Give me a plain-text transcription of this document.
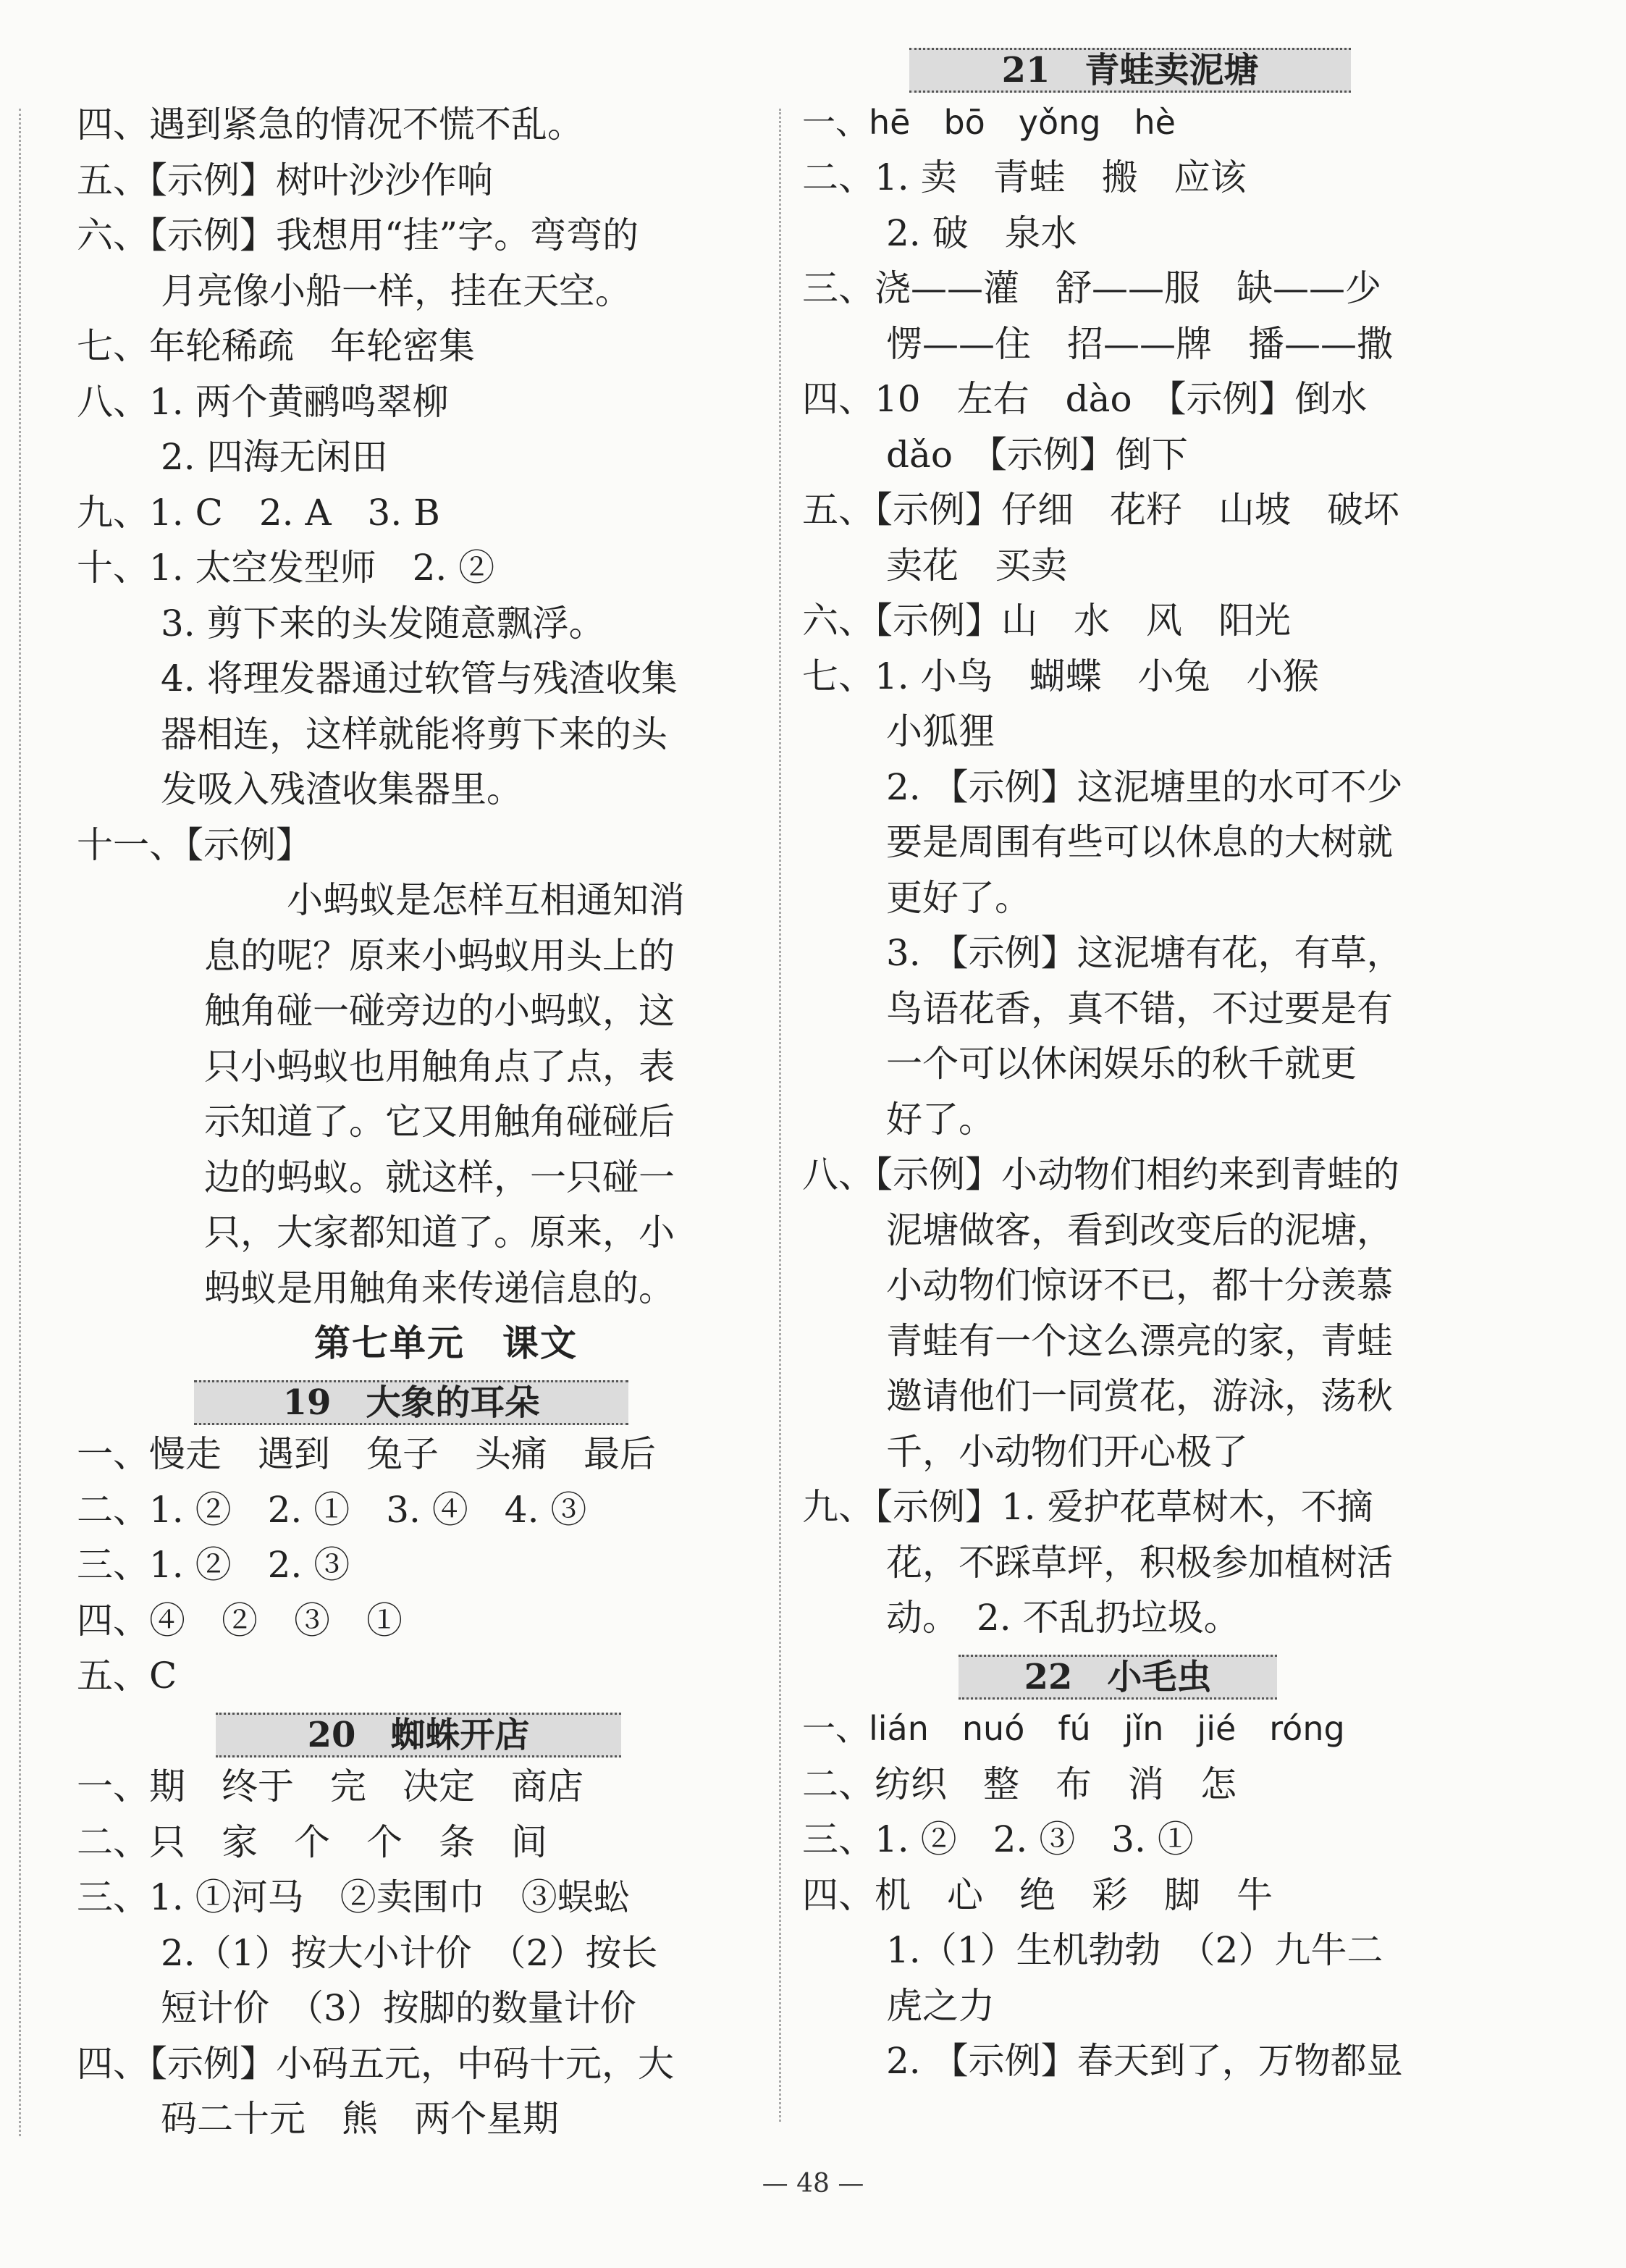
四、遇到紧急的情况不慌不乱。
五、【示例】树叶沙沙作响
六、【示例】我想用“挂”字。弯弯的
月亮像小船一样，挂在天空。
七、年轮稀疏　年轮密集
八、1. 两个黄鹂鸣翠柳
2. 四海无闲田
九、1. C　2. A　3. B
十、1. 太空发型师　2. ②
3. 剪下来的头发随意飘浮。
4. 将理发器通过软管与残渣收集
器相连，这样就能将剪下来的头
发吸入残渣收集器里。
十一、【示例】
小蚂蚁是怎样互相通知消
息的呢？原来小蚂蚁用头上的
触角碰一碰旁边的小蚂蚁，这
只小蚂蚁也用触角点了点，表
示知道了。它又用触角碰碰后
边的蚂蚁。就这样，一只碰一
只，大家都知道了。原来，小
蚂蚁是用触角来传递信息的。
第七单元　课文
19　大象的耳朵
一、慢走　遇到　兔子　头痛　最后
二、1. ②　2. ①　3. ④　4. ③
三、1. ②　2. ③
四、④　②　③　①
五、C
20　蜘蛛开店
一、期　终于　完　决定　商店
二、只　家　个　个　条　间
三、1. ①河马　②卖围巾　③蜈蚣
2.（1）按大小计价　（2）按长
短计价　（3）按脚的数量计价
四、【示例】小码五元，中码十元，大
码二十元　熊　两个星期
21　青蛙卖泥塘
一、hē　bō　yǒng　hè
二、1. 卖　青蛙　搬　应该
2. 破　泉水
三、浇——灌　舒——服　缺——少
愣——住　招——牌　播——撒
四、10　左右　dào　【示例】倒水
dǎo　【示例】倒下
五、【示例】仔细　花籽　山坡　破坏
卖花　买卖
六、【示例】山　水　风　阳光
七、1. 小鸟　蝴蝶　小兔　小猴
小狐狸
2. 【示例】这泥塘里的水可不少
要是周围有些可以休息的大树就
更好了。
3. 【示例】这泥塘有花，有草，
鸟语花香，真不错，不过要是有
一个可以休闲娱乐的秋千就更
好了。
八、【示例】小动物们相约来到青蛙的
泥塘做客，看到改变后的泥塘，
小动物们惊讶不已，都十分羡慕
青蛙有一个这么漂亮的家，青蛙
邀请他们一同赏花，游泳，荡秋
千，小动物们开心极了
九、【示例】1. 爱护花草树木，不摘
花，不踩草坪，积极参加植树活
动。　2. 不乱扔垃圾。
22　小毛虫
一、lián　nuó　fú　jǐn　jié　róng
二、纺织　整　布　消　怎
三、1. ②　2. ③　3. ①
四、机　心　绝　彩　脚　牛
1.（1）生机勃勃　（2）九牛二
虎之力
2. 【示例】春天到了，万物都显
— 48 —
